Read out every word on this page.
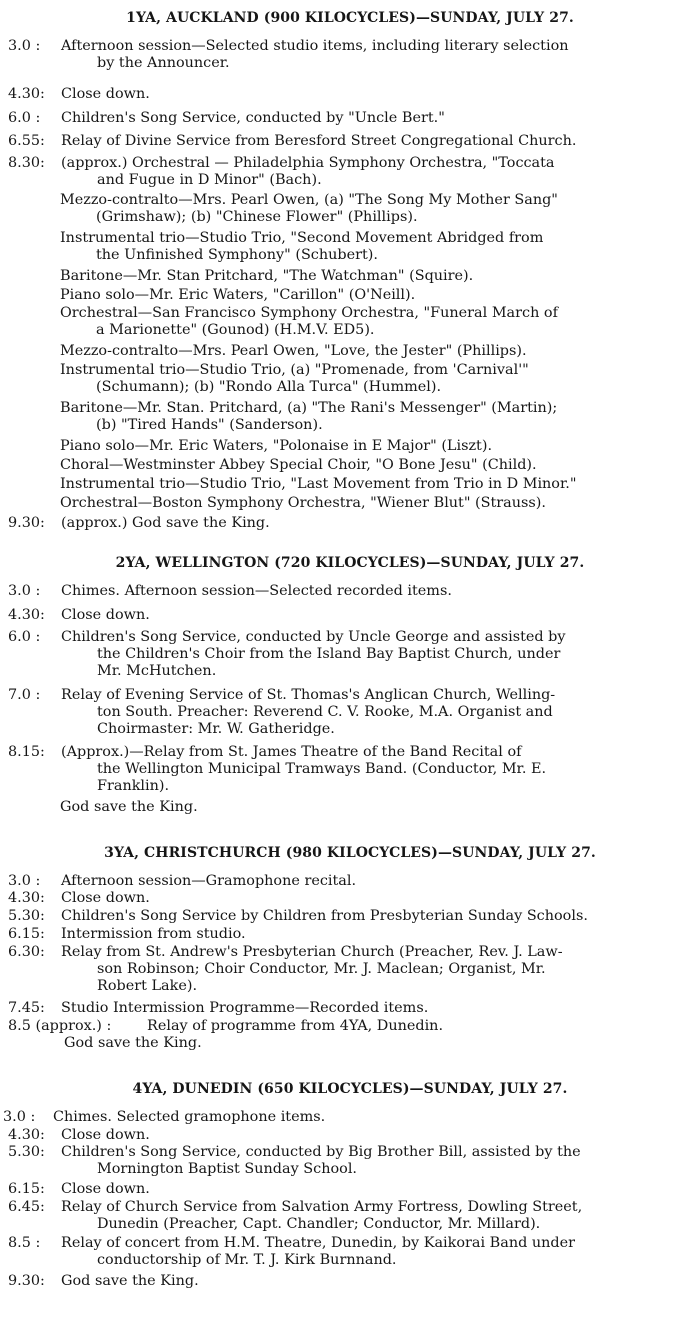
1YA, AUCKLAND (900 KILOCYCLES)—SUNDAY, JULY 27.
3.0 : Afternoon session—Selected studio items, including literary selection
by the Announcer.
4.30: Close down.
6.0 : Children's Song Service, conducted by "Uncle Bert."
6.55: Relay of Divine Service from Beresford Street Congregational Church.
8.30: (approx.) Orchestral — Philadelphia Symphony Orchestra, "Toccata
and Fugue in D Minor" (Bach).
Mezzo-contralto—Mrs. Pearl Owen, (a) "The Song My Mother Sang"
(Grimshaw); (b) "Chinese Flower" (Phillips).
Instrumental trio—Studio Trio, "Second Movement Abridged from
the Unfinished Symphony" (Schubert).
Baritone—Mr. Stan Pritchard, "The Watchman" (Squire).
Piano solo—Mr. Eric Waters, "Carillon" (O'Neill).
Orchestral—San Francisco Symphony Orchestra, "Funeral March of
a Marionette" (Gounod) (H.M.V. ED5).
Mezzo-contralto—Mrs. Pearl Owen, "Love, the Jester" (Phillips).
Instrumental trio—Studio Trio, (a) "Promenade, from 'Carnival'"
(Schumann); (b) "Rondo Alla Turca" (Hummel).
Baritone—Mr. Stan. Pritchard, (a) "The Rani's Messenger" (Martin);
(b) "Tired Hands" (Sanderson).
Piano solo—Mr. Eric Waters, "Polonaise in E Major" (Liszt).
Choral—Westminster Abbey Special Choir, "O Bone Jesu" (Child).
Instrumental trio—Studio Trio, "Last Movement from Trio in D Minor."
Orchestral—Boston Symphony Orchestra, "Wiener Blut" (Strauss).
9.30: (approx.) God save the King.
2YA, WELLINGTON (720 KILOCYCLES)—SUNDAY, JULY 27.
3.0 : Chimes. Afternoon session—Selected recorded items.
4.30: Close down.
6.0 : Children's Song Service, conducted by Uncle George and assisted by
the Children's Choir from the Island Bay Baptist Church, under
Mr. McHutchen.
7.0 : Relay of Evening Service of St. Thomas's Anglican Church, Welling-
ton South. Preacher: Reverend C. V. Rooke, M.A. Organist and
Choirmaster: Mr. W. Gatheridge.
8.15: (Approx.)—Relay from St. James Theatre of the Band Recital of
the Wellington Municipal Tramways Band. (Conductor, Mr. E.
Franklin).
God save the King.
3YA, CHRISTCHURCH (980 KILOCYCLES)—SUNDAY, JULY 27.
3.0 : Afternoon session—Gramophone recital.
4.30: Close down.
5.30: Children's Song Service by Children from Presbyterian Sunday Schools.
6.15: Intermission from studio.
6.30: Relay from St. Andrew's Presbyterian Church (Preacher, Rev. J. Law-
son Robinson; Choir Conductor, Mr. J. Maclean; Organist, Mr.
Robert Lake).
7.45: Studio Intermission Programme—Recorded items.
8.5 (approx.) : Relay of programme from 4YA, Dunedin.
God save the King.
4YA, DUNEDIN (650 KILOCYCLES)—SUNDAY, JULY 27.
3.0 : Chimes. Selected gramophone items.
4.30: Close down.
5.30: Children's Song Service, conducted by Big Brother Bill, assisted by the
Mornington Baptist Sunday School.
6.15: Close down.
6.45: Relay of Church Service from Salvation Army Fortress, Dowling Street,
Dunedin (Preacher, Capt. Chandler; Conductor, Mr. Millard).
8.5 : Relay of concert from H.M. Theatre, Dunedin, by Kaikorai Band under
conductorship of Mr. T. J. Kirk Burnnand.
9.30: God save the King.
